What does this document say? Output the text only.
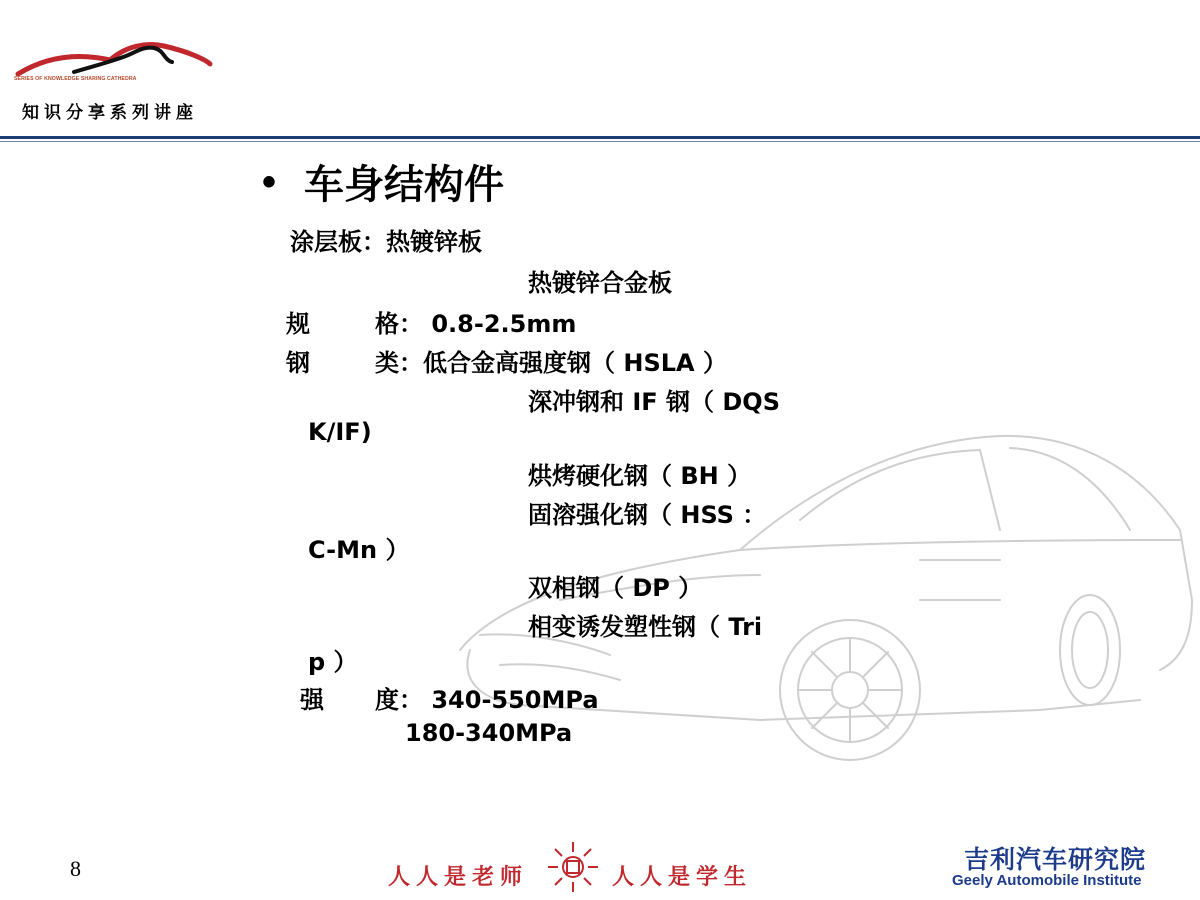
SERIES OF KNOWLEDGE SHARING CATHEDRA
知识分享系列讲座
• 车身结构件
涂层板：热镀锌板
热镀锌合金板
规	格： 0.8-2.5mm
钢	类：低合金高强度钢（ HSLA ）
深冲钢和 IF 钢（ DQS
K/IF)
烘烤硬化钢（ BH ）
固溶强化钢（ HSS ：
C-Mn ）
双相钢（ DP ）
相变诱发塑性钢（ Tri
p ）
强 度： 340-550MPa
180-340MPa
8	人人是老师	人人是学生
吉利汽车研究院
Geely Automobile Institute
